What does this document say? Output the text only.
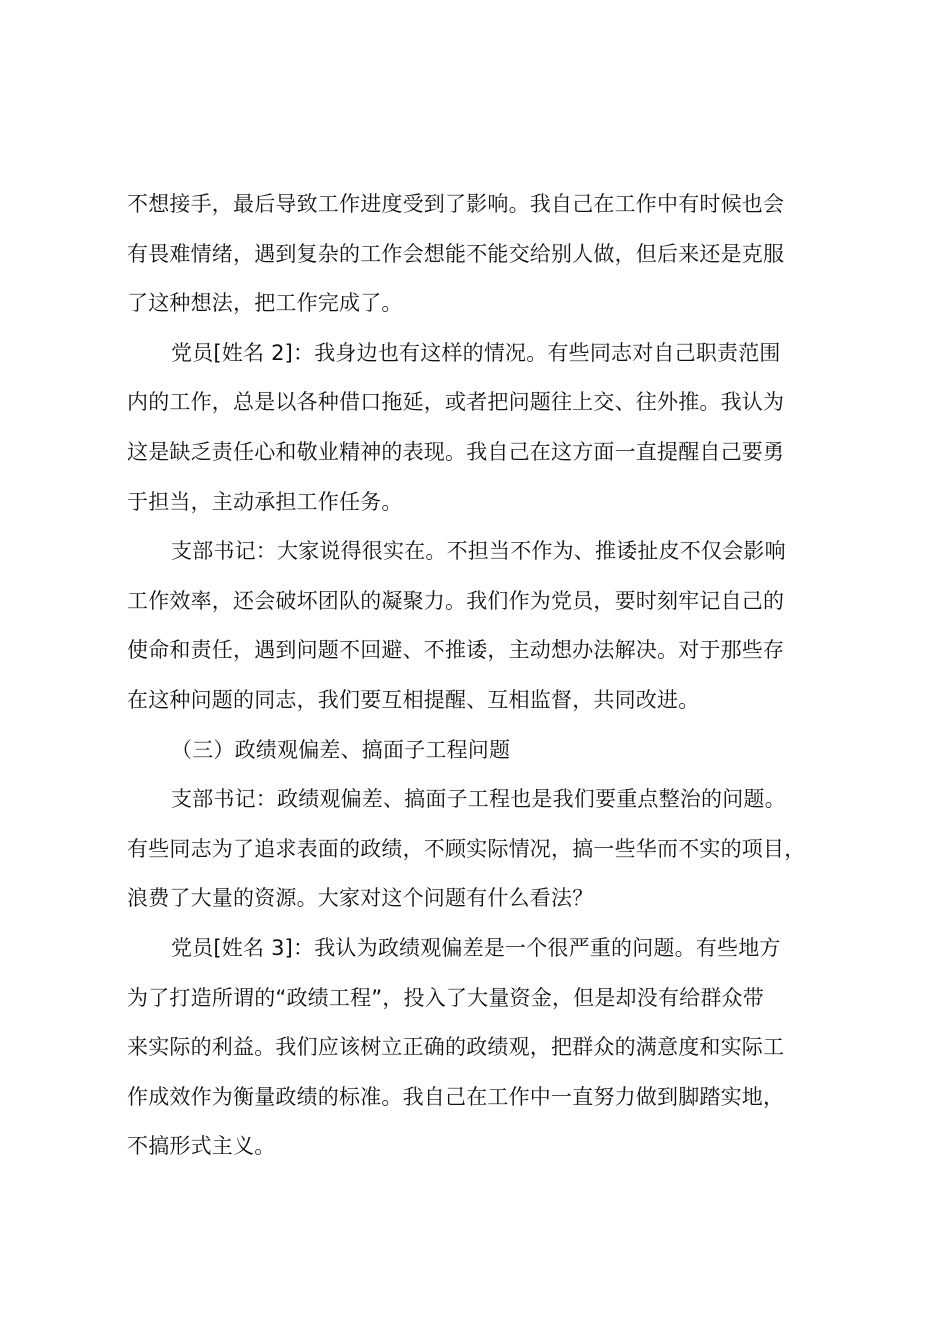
不想接手，最后导致工作进度受到了影响。我自己在工作中有时候也会
有畏难情绪，遇到复杂的工作会想能不能交给别人做，但后来还是克服
了这种想法，把工作完成了。
党员[姓名 2]：我身边也有这样的情况。有些同志对自己职责范围
内的工作，总是以各种借口拖延，或者把问题往上交、往外推。我认为
这是缺乏责任心和敬业精神的表现。我自己在这方面一直提醒自己要勇
于担当，主动承担工作任务。
支部书记：大家说得很实在。不担当不作为、推诿扯皮不仅会影响
工作效率，还会破坏团队的凝聚力。我们作为党员，要时刻牢记自己的
使命和责任，遇到问题不回避、不推诿，主动想办法解决。对于那些存
在这种问题的同志，我们要互相提醒、互相监督，共同改进。
（三）政绩观偏差、搞面子工程问题
支部书记：政绩观偏差、搞面子工程也是我们要重点整治的问题。
有些同志为了追求表面的政绩，不顾实际情况，搞一些华而不实的项目，
浪费了大量的资源。大家对这个问题有什么看法？
党员[姓名 3]：我认为政绩观偏差是一个很严重的问题。有些地方
为了打造所谓的“政绩工程”，投入了大量资金，但是却没有给群众带
来实际的利益。我们应该树立正确的政绩观，把群众的满意度和实际工
作成效作为衡量政绩的标准。我自己在工作中一直努力做到脚踏实地，
不搞形式主义。
